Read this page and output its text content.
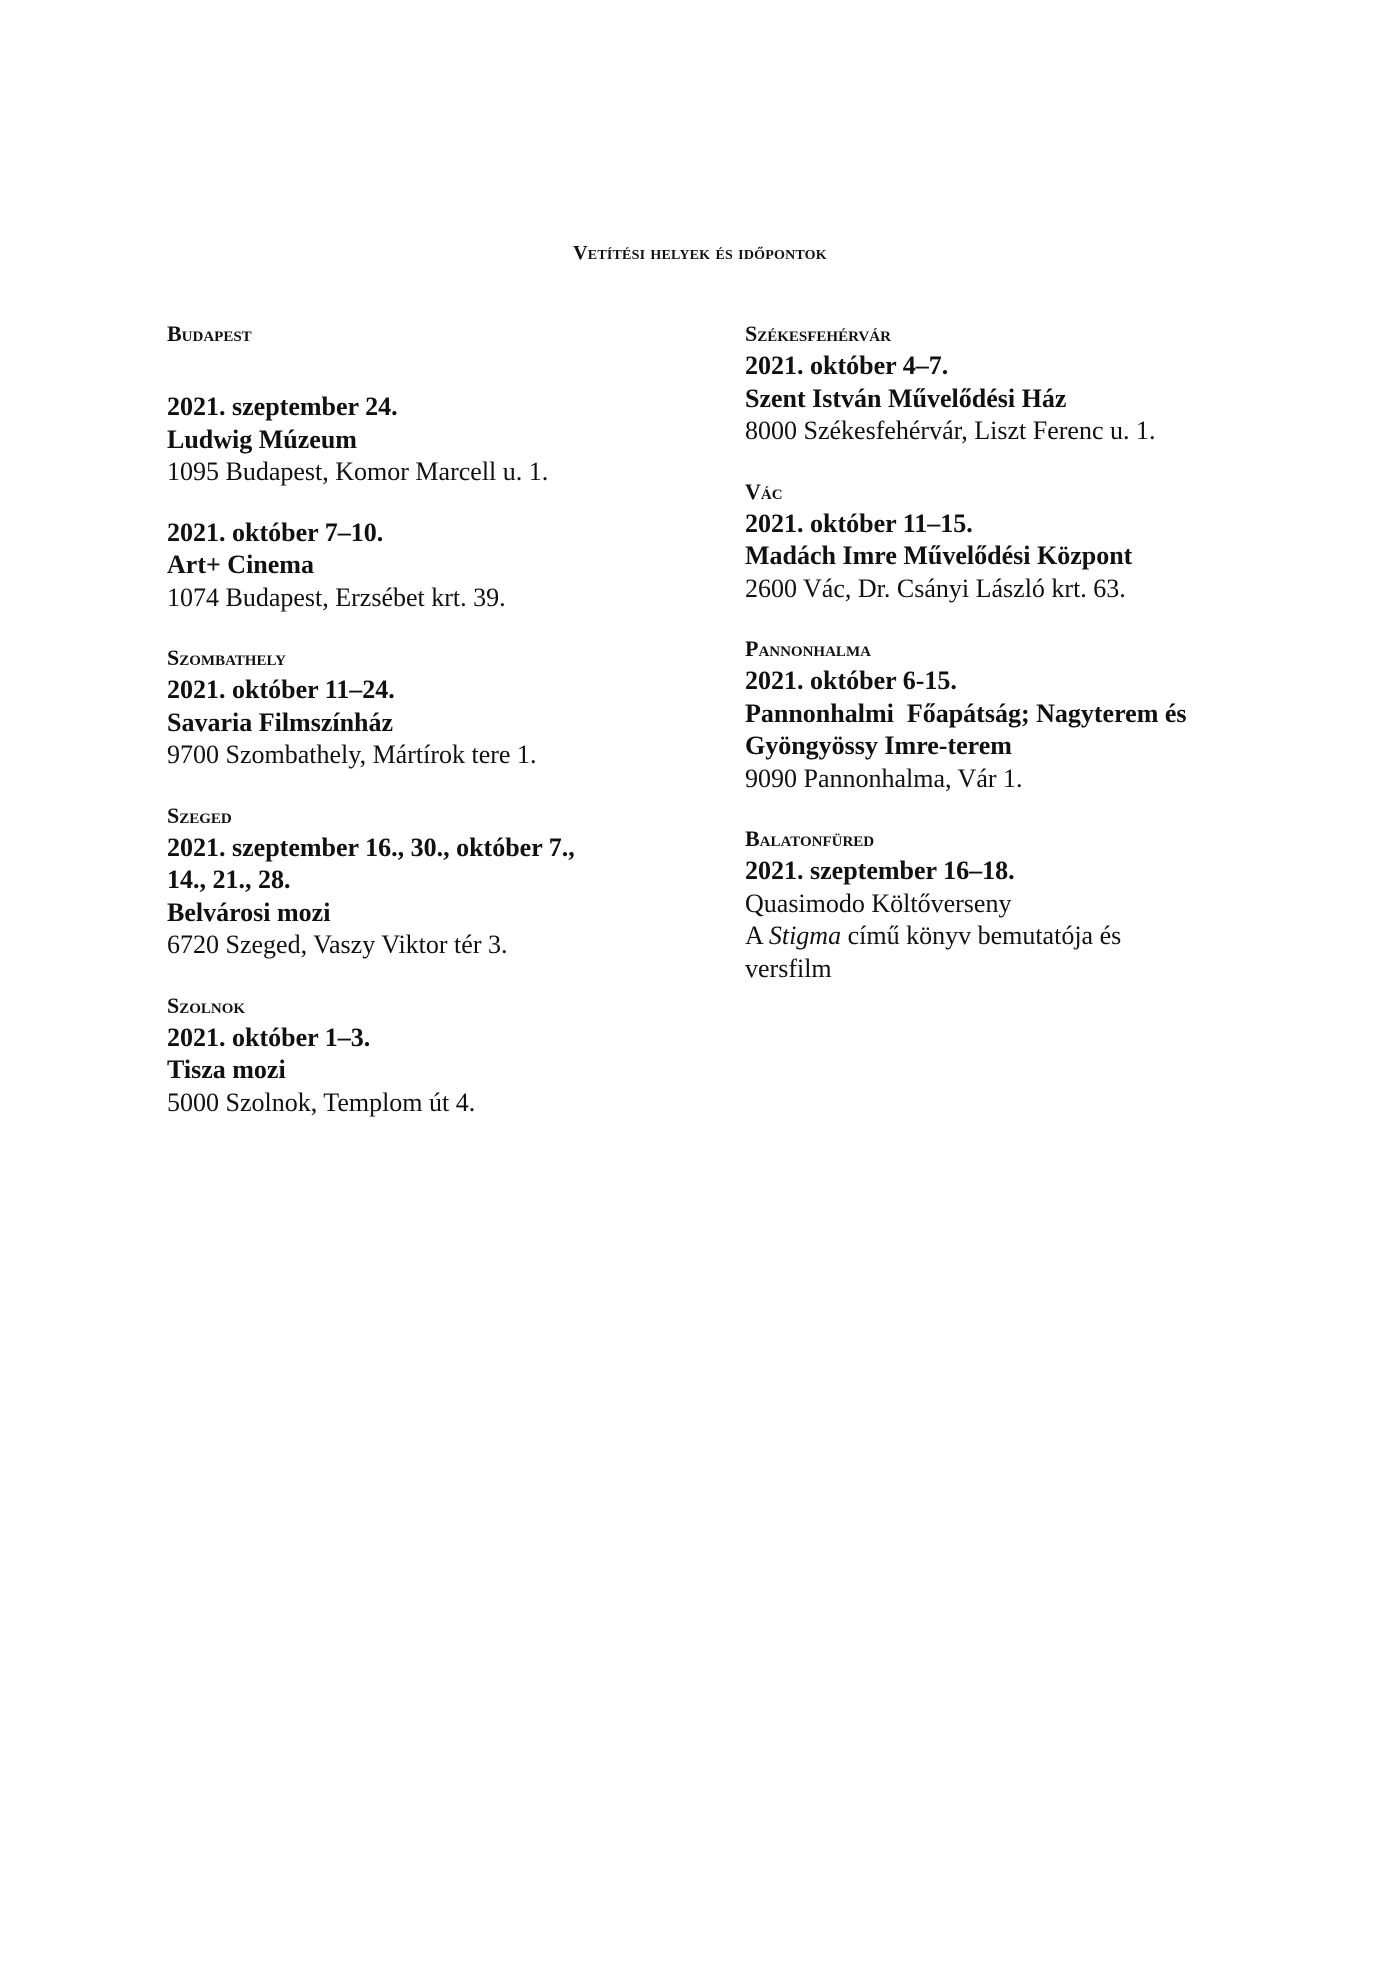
Vetítési helyek és időpontok
Budapest
2021. szeptember 24.
Ludwig Múzeum
1095 Budapest, Komor Marcell u. 1.
2021. október 7–10.
Art+ Cinema
1074 Budapest, Erzsébet krt. 39.
Szombathely
2021. október 11–24.
Savaria Filmszínház
9700 Szombathely, Mártírok tere 1.
Szeged
2021. szeptember 16., 30., október 7.,
14., 21., 28.
Belvárosi mozi
6720 Szeged, Vaszy Viktor tér 3.
Szolnok
2021. október 1–3.
Tisza mozi
5000 Szolnok, Templom út 4.
Székesfehérvár
2021. október 4–7.
Szent István Művelődési Ház
8000 Székesfehérvár, Liszt Ferenc u. 1.
Vác
2021. október 11–15.
Madách Imre Művelődési Központ
2600 Vác, Dr. Csányi László krt. 63.
Pannonhalma
2021. október 6-15.
Pannonhalmi  Főapátság; Nagyterem és
Gyöngyössy Imre-terem
9090 Pannonhalma, Vár 1.
Balatonfüred
2021. szeptember 16–18.
Quasimodo Költőverseny
A Stigma című könyv bemutatója és
versfilm
